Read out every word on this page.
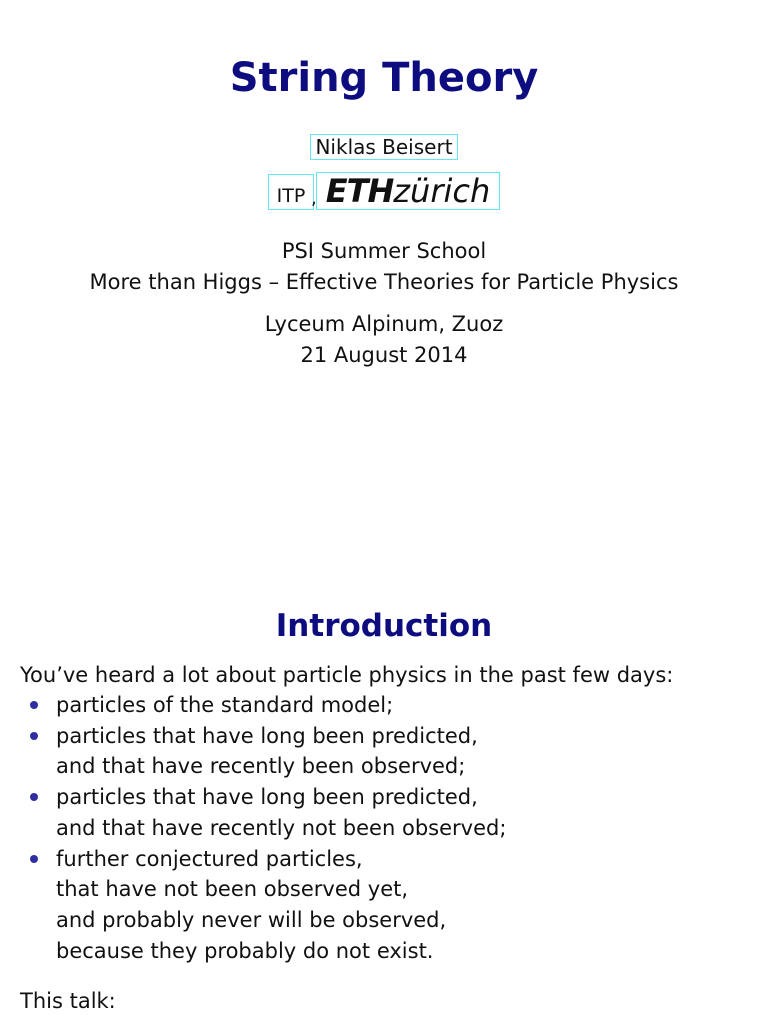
String Theory
Niklas Beisert
ITP , ETHzürich
PSI Summer School
More than Higgs – Effective Theories for Particle Physics
Lyceum Alpinum, Zuoz
21 August 2014
Introduction
You’ve heard a lot about particle physics in the past few days:
particles of the standard model;
particles that have long been predicted,
and that have recently been observed;
particles that have long been predicted,
and that have recently not been observed;
further conjectured particles,
that have not been observed yet,
and probably never will be observed,
because they probably do not exist.
This talk:
